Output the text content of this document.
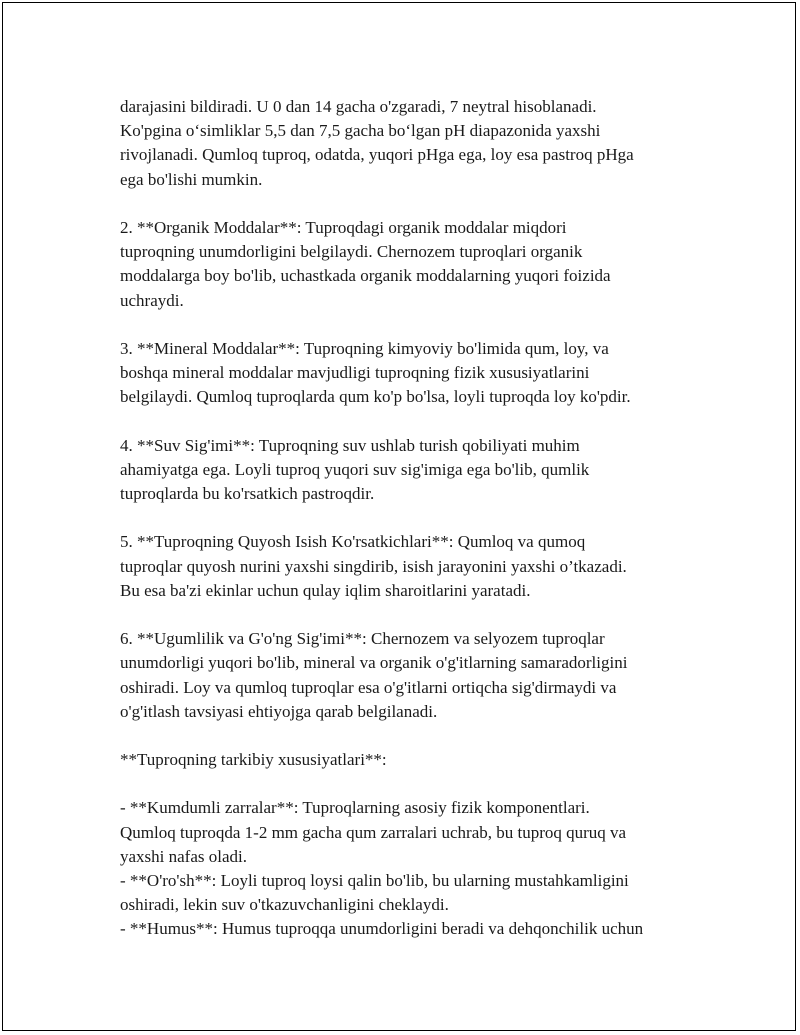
darajasini bildiradi. U 0 dan 14 gacha o'zgaradi, 7 neytral hisoblanadi.
Ko'pgina o‘simliklar 5,5 dan 7,5 gacha bo‘lgan pH diapazonida yaxshi
rivojlanadi. Qumloq tuproq, odatda, yuqori pHga ega, loy esa pastroq pHga
ega bo'lishi mumkin.
2. **Organik Moddalar**: Tuproqdagi organik moddalar miqdori
tuproqning unumdorligini belgilaydi. Chernozem tuproqlari organik
moddalarga boy bo'lib, uchastkada organik moddalarning yuqori foizida
uchraydi.
3. **Mineral Moddalar**: Tuproqning kimyoviy bo'limida qum, loy, va
boshqa mineral moddalar mavjudligi tuproqning fizik xususiyatlarini
belgilaydi. Qumloq tuproqlarda qum ko'p bo'lsa, loyli tuproqda loy ko'pdir.
4. **Suv Sig'imi**: Tuproqning suv ushlab turish qobiliyati muhim
ahamiyatga ega. Loyli tuproq yuqori suv sig'imiga ega bo'lib, qumlik
tuproqlarda bu ko'rsatkich pastroqdir.
5. **Tuproqning Quyosh Isish Ko'rsatkichlari**: Qumloq va qumoq
tuproqlar quyosh nurini yaxshi singdirib, isish jarayonini yaxshi o’tkazadi.
Bu esa ba'zi ekinlar uchun qulay iqlim sharoitlarini yaratadi.
6. **Ugumlilik va G'o'ng Sig'imi**: Chernozem va selyozem tuproqlar
unumdorligi yuqori bo'lib, mineral va organik o'g'itlarning samaradorligini
oshiradi. Loy va qumloq tuproqlar esa o'g'itlarni ortiqcha sig'dirmaydi va
o'g'itlash tavsiyasi ehtiyojga qarab belgilanadi.
**Tuproqning tarkibiy xususiyatlari**:
- **Kumdumli zarralar**: Tuproqlarning asosiy fizik komponentlari.
Qumloq tuproqda 1-2 mm gacha qum zarralari uchrab, bu tuproq quruq va
yaxshi nafas oladi.
- **O'ro'sh**: Loyli tuproq loysi qalin bo'lib, bu ularning mustahkamligini
oshiradi, lekin suv o'tkazuvchanligini cheklaydi.
- **Humus**: Humus tuproqqa unumdorligini beradi va dehqonchilik uchun
